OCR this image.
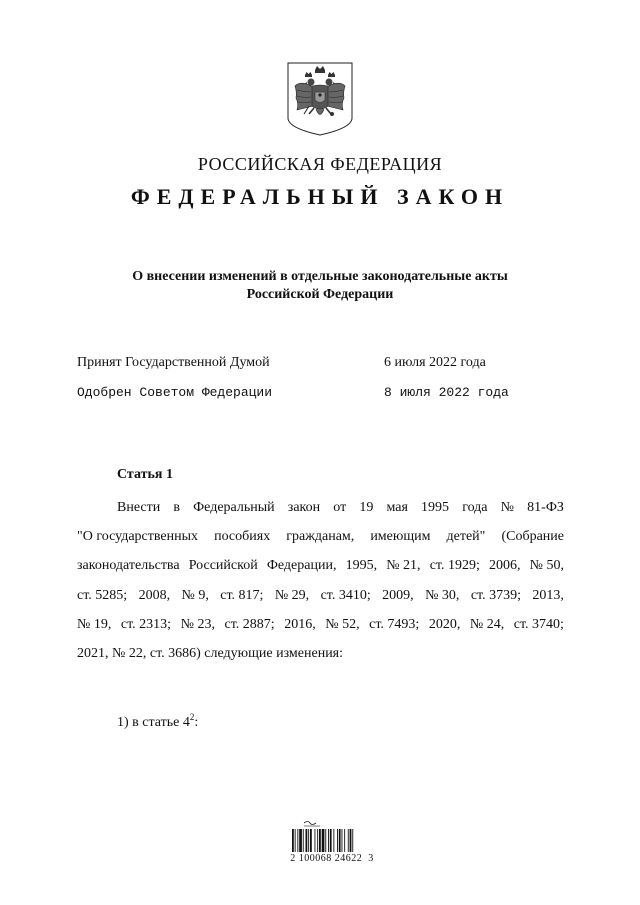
РОССИЙСКАЯ ФЕДЕРАЦИЯ
ФЕДЕРАЛЬНЫЙ ЗАКОН
О внесении изменений в отдельные законодательные акты
Российской Федерации
Принят Государственной Думой	6 июля 2022 года
Одобрен Советом Федерации	8 июля 2022 года
Статья 1
Внести в Федеральный закон от 19 мая 1995 года № 81-ФЗ
"О государственных пособиях гражданам, имеющим детей" (Собрание
законодательства Российской Федерации, 1995, № 21, ст. 1929; 2006, № 50,
ст. 5285; 2008, № 9, ст. 817; № 29, ст. 3410; 2009, № 30, ст. 3739; 2013,
№ 19, ст. 2313; № 23, ст. 2887; 2016, № 52, ст. 7493; 2020, № 24, ст. 3740;
2021, № 22, ст. 3686) следующие изменения:
1) в статье $4^2$:
2 100068 24622  3
